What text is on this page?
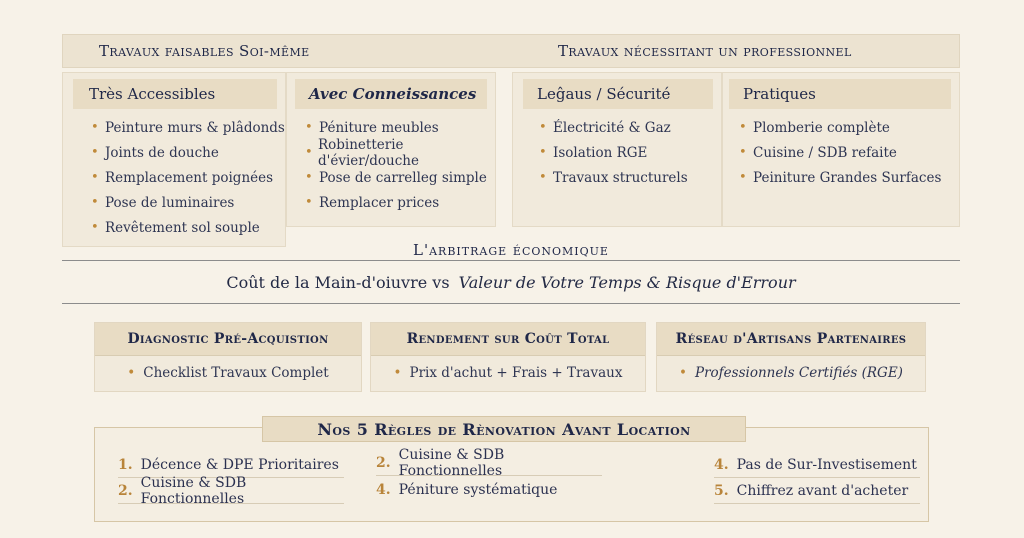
Travaux faisables Soi-même	Travaux nécessitant un professionnel
Très Accessibles
• Peinture murs & plâdonds
• Joints de douche
• Remplacement poignées
• Pose de luminaires
• Revêtement sol souple
Avec Conneissances
• Péniture meubles
• Robinetterie d'évier/douche
• Pose de carrelleg simple
• Remplacer prices
Leĝaus / Sécurité
• Électricité & Gaz
• Isolation RGE
• Travaux structurels
Pratiques
• Plomberie complète
• Cuisine / SDB refaite
• Peiniture Grandes Surfaces
L'arbitrage économique
Coût de la Main-d'oiuvre vs Valeur de Votre Temps & Risque d'Errour
Diagnostic Pré-Acquistion
• Checklist Travaux Complet
Rendement sur Coût Total
• Prix d'achut + Frais + Travaux
Réseau d'Artisans Partenaires
• Professionnels Certifiés (RGE)
Nos 5 Règles de Rènovation Avant Location
1. Décence & DPE Prioritaires
2. Cuisine & SDB Fonctionnelles
2. Cuisine & SDB Fonctionnelles
4. Péniture systématique
4. Pas de Sur-Investisement
5. Chiffrez avant d'acheter
